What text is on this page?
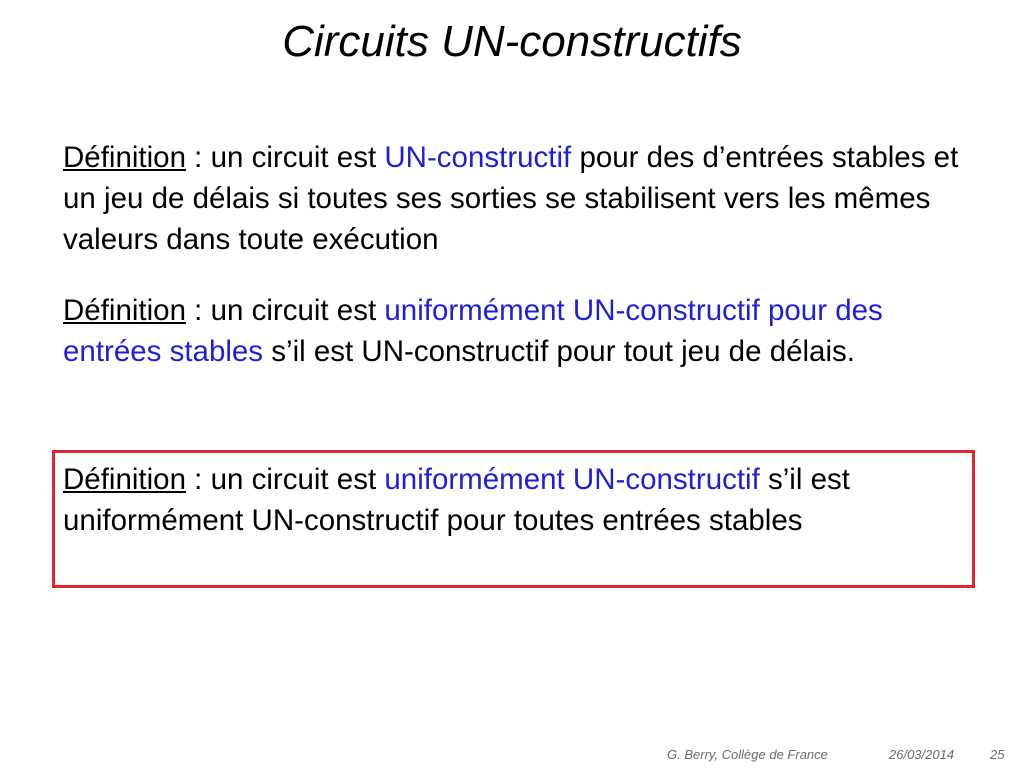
Circuits UN-constructifs

Définition : un circuit est UN-constructif pour des d’entrées stables et un jeu de délais si toutes ses sorties se stabilisent vers les mêmes valeurs dans toute exécution

Définition : un circuit est uniformément UN-constructif pour des entrées stables s’il est UN-constructif pour tout jeu de délais.

Définition : un circuit est uniformément UN-constructif s’il est uniformément UN-constructif pour toutes entrées stables

G. Berry, Collège de France	26/03/2014	25
